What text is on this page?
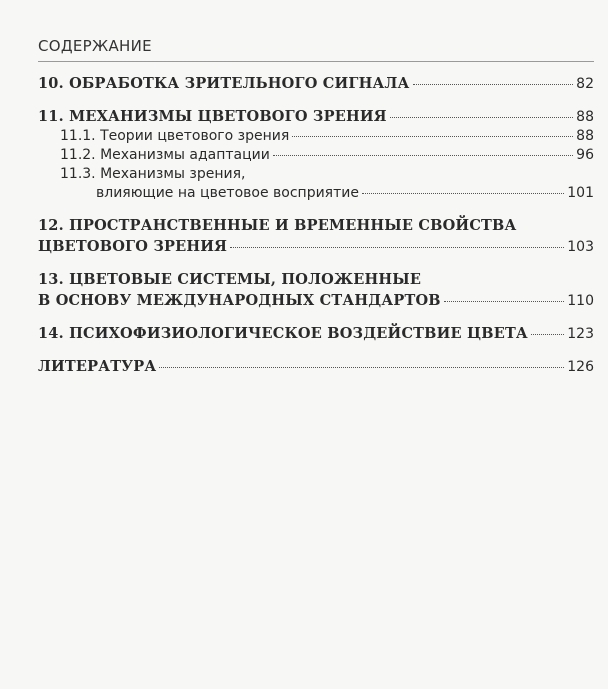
СОДЕРЖАНИЕ
10. ОБРАБОТКА ЗРИТЕЛЬНОГО СИГНАЛА	82
11. МЕХАНИЗМЫ ЦВЕТОВОГО ЗРЕНИЯ	88
11.1. Теории цветового зрения	88
11.2. Механизмы адаптации	96
11.3. Механизмы зрения,
влияющие на цветовое восприятие	101
12. ПРОСТРАНСТВЕННЫЕ И ВРЕМЕННЫЕ СВОЙСТВА
ЦВЕТОВОГО ЗРЕНИЯ	103
13. ЦВЕТОВЫЕ СИСТЕМЫ, ПОЛОЖЕННЫЕ
В ОСНОВУ МЕЖДУНАРОДНЫХ СТАНДАРТОВ	110
14. ПСИХОФИЗИОЛОГИЧЕСКОЕ ВОЗДЕЙСТВИЕ ЦВЕТА	123
ЛИТЕРАТУРА	126
